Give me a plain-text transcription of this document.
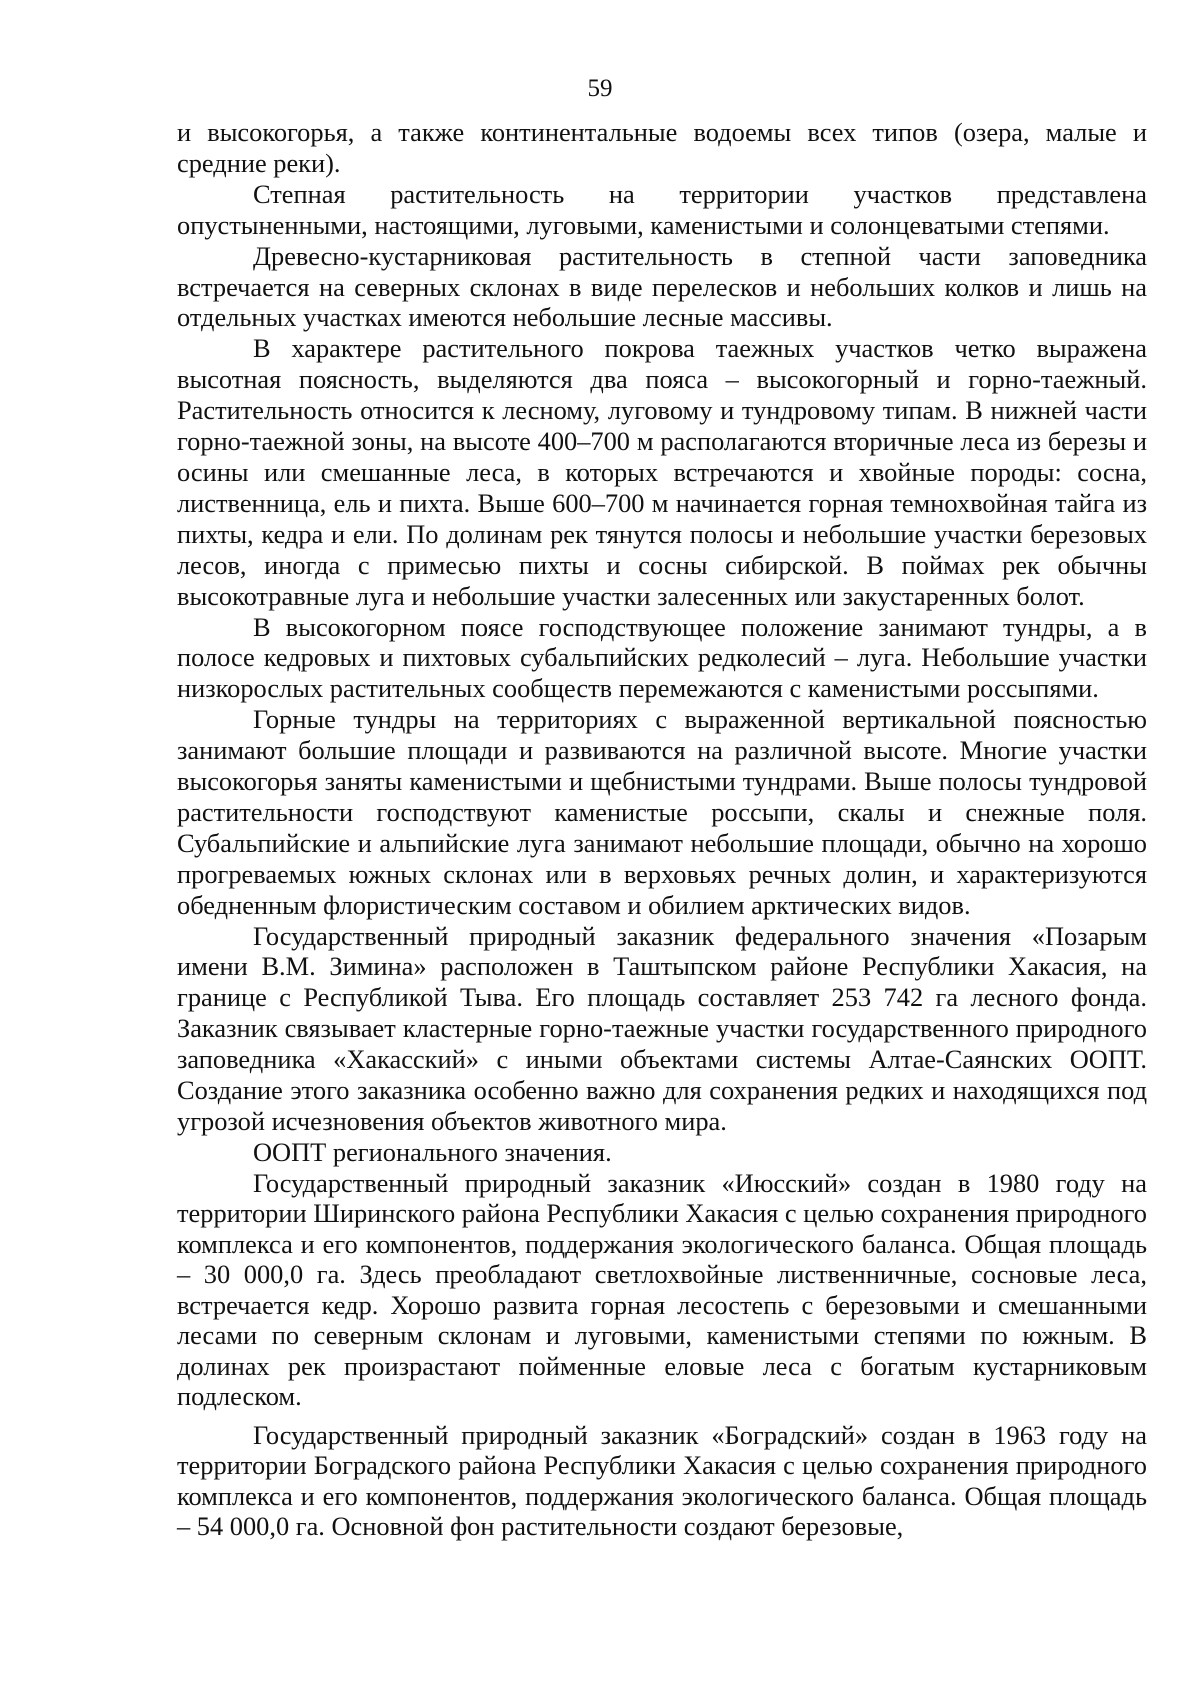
59

и высокогорья, а также континентальные водоемы всех типов (озера, малые и средние реки).

Степная растительность на территории участков представлена опустыненными, настоящими, луговыми, каменистыми и солонцеватыми степями.

Древесно-кустарниковая растительность в степной части заповедника встречается на северных склонах в виде перелесков и небольших колков и лишь на отдельных участках имеются небольшие лесные массивы.

В характере растительного покрова таежных участков четко выражена высотная поясность, выделяются два пояса – высокогорный и горно-таежный. Растительность относится к лесному, луговому и тундровому типам. В нижней части горно-таежной зоны, на высоте 400–700 м располагаются вторичные леса из березы и осины или смешанные леса, в которых встречаются и хвойные породы: сосна, лиственница, ель и пихта. Выше 600–700 м начинается горная темнохвойная тайга из пихты, кедра и ели. По долинам рек тянутся полосы и небольшие участки березовых лесов, иногда с примесью пихты и сосны сибирской. В поймах рек обычны высокотравные луга и небольшие участки залесенных или закустаренных болот.

В высокогорном поясе господствующее положение занимают тундры, а в полосе кедровых и пихтовых субальпийских редколесий – луга. Небольшие участки низкорослых растительных сообществ перемежаются с каменистыми россыпями.

Горные тундры на территориях с выраженной вертикальной поясностью занимают большие площади и развиваются на различной высоте. Многие участки высокогорья заняты каменистыми и щебнистыми тундрами. Выше полосы тундровой растительности господствуют каменистые россыпи, скалы и снежные поля. Субальпийские и альпийские луга занимают небольшие площади, обычно на хорошо прогреваемых южных склонах или в верховьях речных долин, и характеризуются обедненным флористическим составом и обилием арктических видов.

Государственный природный заказник федерального значения «Позарым имени В.М. Зимина» расположен в Таштыпском районе Республики Хакасия, на границе с Республикой Тыва. Его площадь составляет 253 742 га лесного фонда. Заказник связывает кластерные горно-таежные участки государственного природного заповедника «Хакасский» с иными объектами системы Алтае-Саянских ООПТ. Создание этого заказника особенно важно для сохранения редких и находящихся под угрозой исчезновения объектов животного мира.

ООПТ регионального значения.

Государственный природный заказник «Июсский» создан в 1980 году на территории Ширинского района Республики Хакасия с целью сохранения природного комплекса и его компонентов, поддержания экологического баланса. Общая площадь – 30 000,0 га. Здесь преобладают светлохвойные лиственничные, сосновые леса, встречается кедр. Хорошо развита горная лесостепь с березовыми и смешанными лесами по северным склонам и луговыми, каменистыми степями по южным. В долинах рек произрастают пойменные еловые леса с богатым кустарниковым подлеском.

Государственный природный заказник «Боградский» создан в 1963 году на территории Боградского района Республики Хакасия с целью сохранения природного комплекса и его компонентов, поддержания экологического баланса. Общая площадь – 54 000,0 га. Основной фон растительности создают березовые,
